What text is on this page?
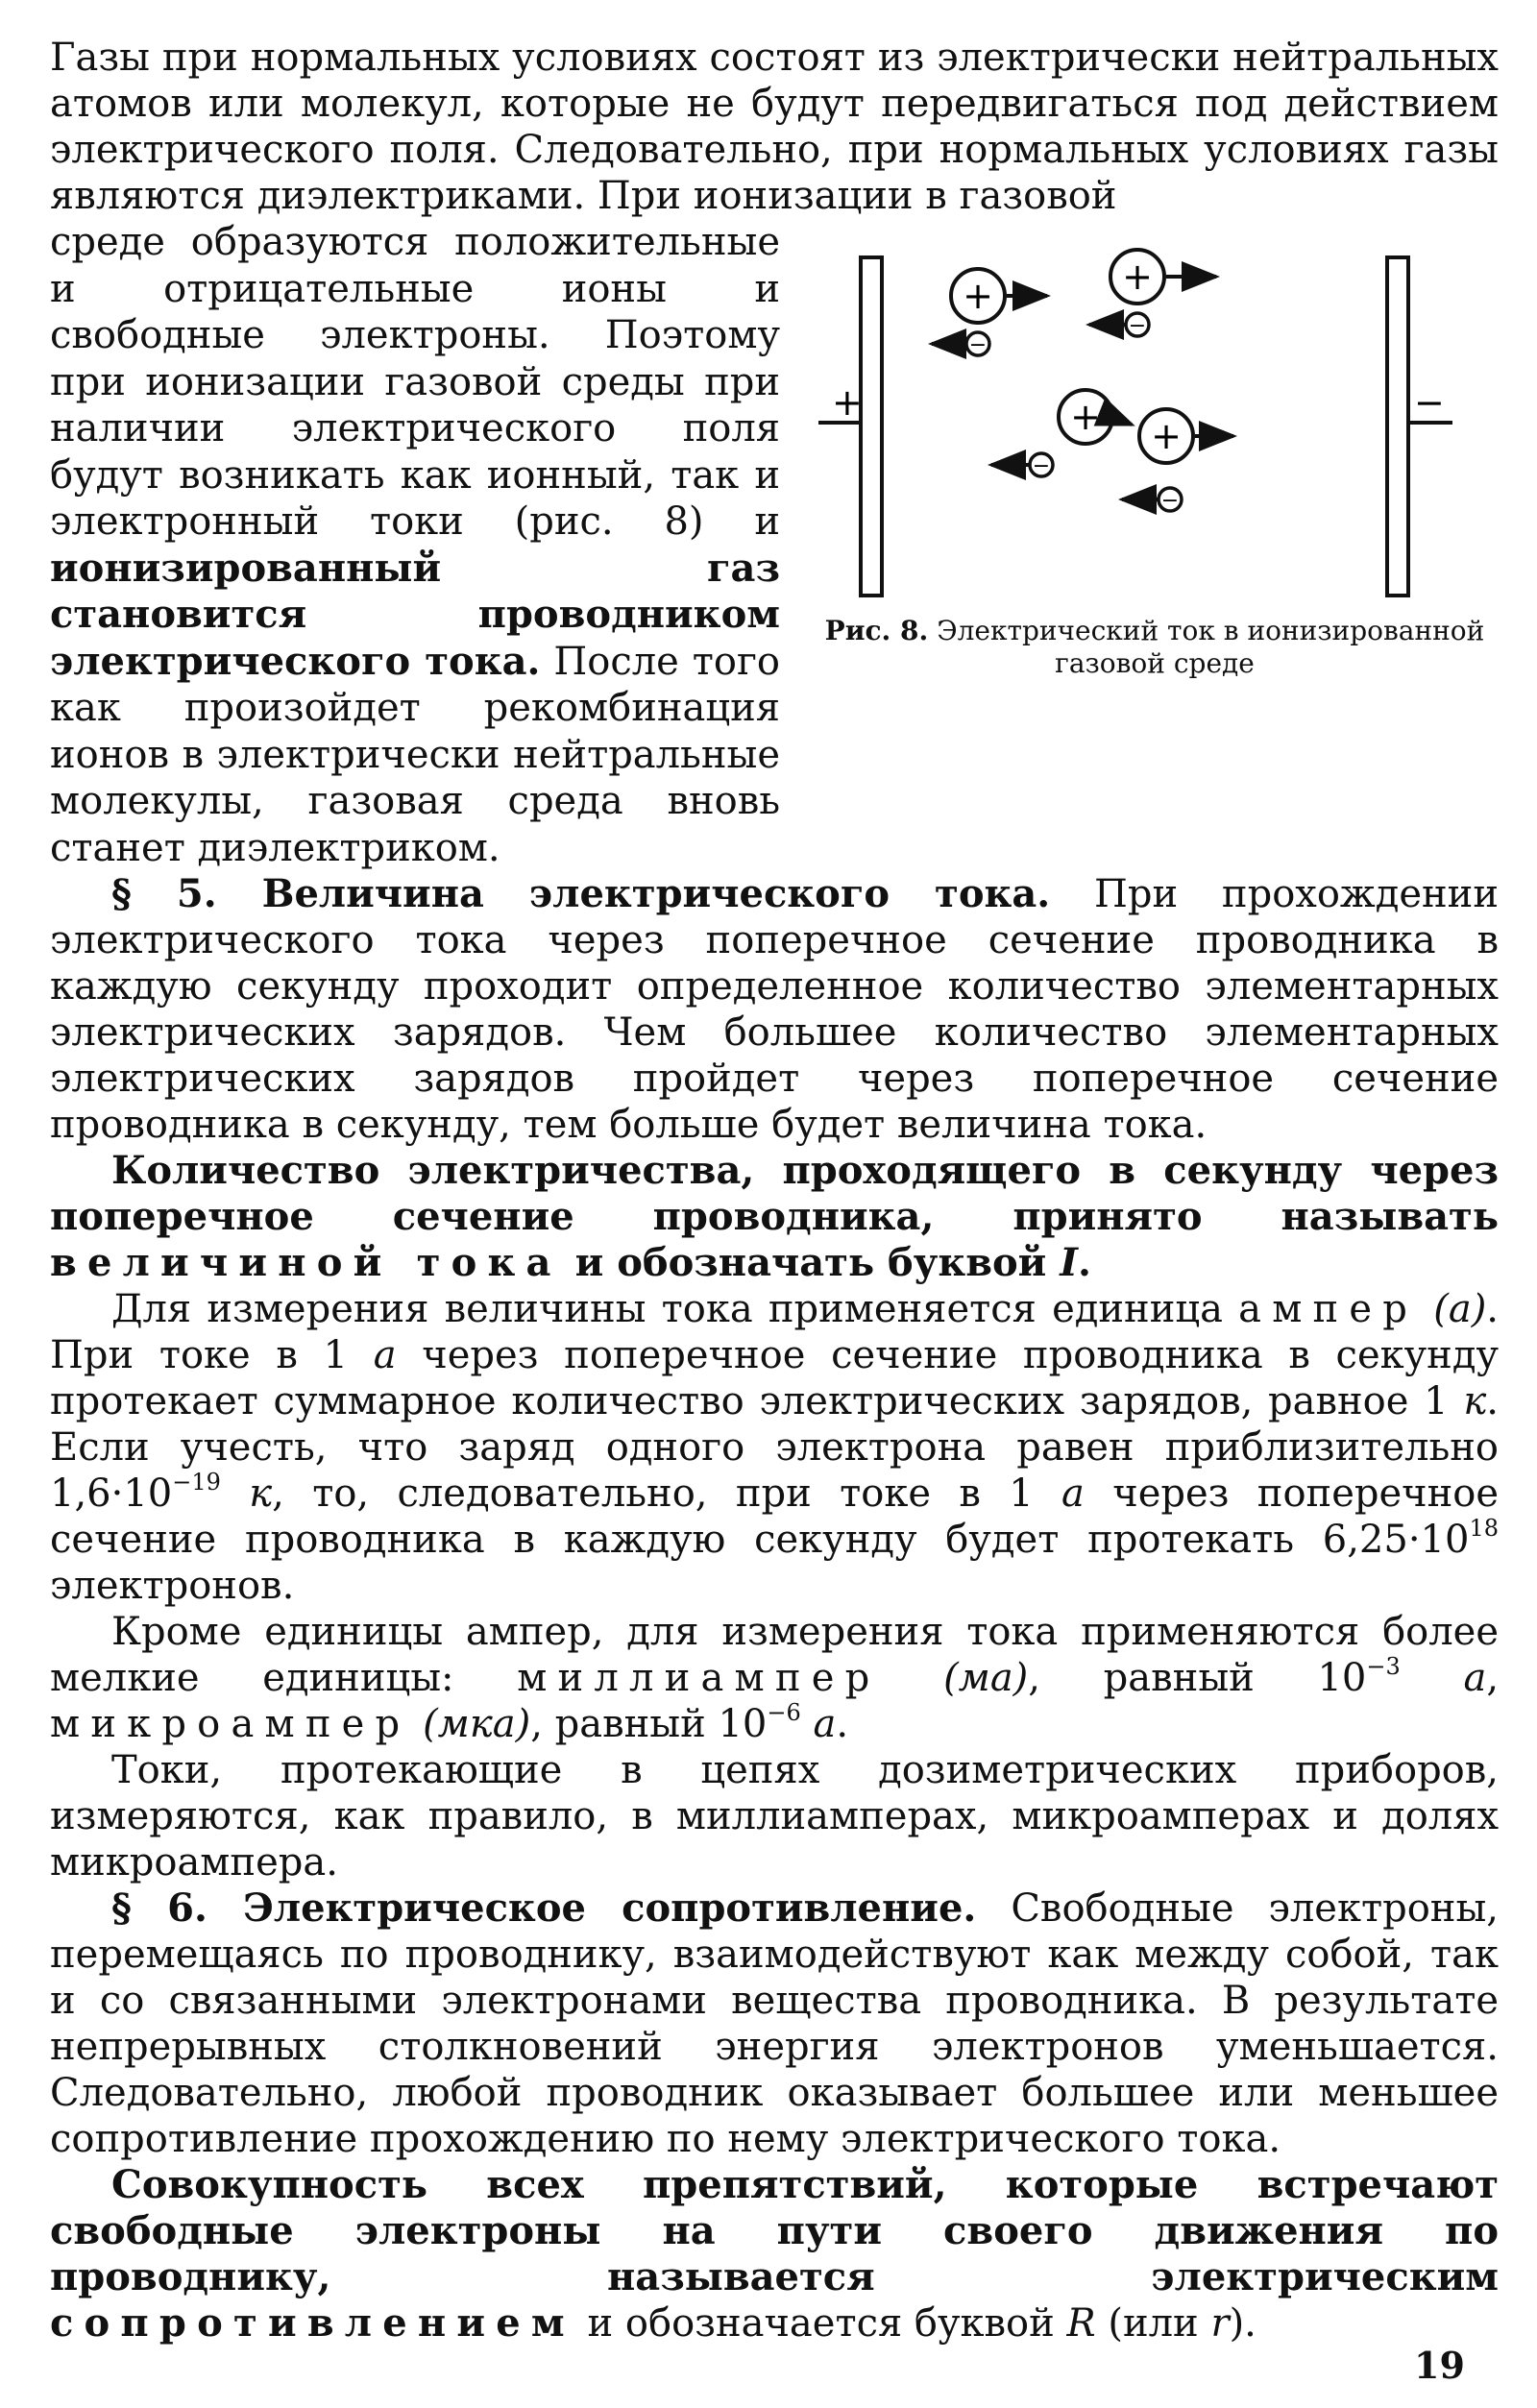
Газы при нормальных условиях состоят из электрически нейтральных атомов или молекул, которые не будут передвигаться под действием электрического поля. Следовательно, при нормальных условиях газы являются диэлектриками. При ионизации в газовой

среде образуются положительные и отрицательные ионы и свободные электроны. Поэтому при ионизации газовой среды при наличии электрического поля будут возникать как ионный, так и электронный токи (рис. 8) и ионизированный газ становится проводником электрического тока. После того как произойдет рекомбинация ионов в электрически нейтральные молекулы, газовая среда вновь станет диэлектриком.

+	−
+	+
+ +
−
−
−
−
Рис. 8. Электрический ток в ионизированной газовой среде

§ 5. Величина электрического тока. При прохождении электрического тока через поперечное сечение проводника в каждую секунду проходит определенное количество элементарных электрических зарядов. Чем большее количество элементарных электрических зарядов пройдет через поперечное сечение проводника в секунду, тем больше будет величина тока.

Количество электричества, проходящего в секунду через поперечное сечение проводника, принято называть величиной тока и обозначать буквой I.

Для измерения величины тока применяется единица ампер (а). При токе в 1 а через поперечное сечение проводника в секунду протекает суммарное количество электрических зарядов, равное 1 к. Если учесть, что заряд одного электрона равен приблизительно $1,6\cdot 10^{-19}$ к, то, следовательно, при токе в 1 а через поперечное сечение проводника в каждую секунду будет протекать $6,25\cdot 10^{18}$ электронов.

Кроме единицы ампер, для измерения тока применяются более мелкие единицы: миллиампер (ма), равный $10^{-3}$ а, микроампер (мка), равный $10^{-6}$ а.

Токи, протекающие в цепях дозиметрических приборов, измеряются, как правило, в миллиамперах, микроамперах и долях микроампера.

§ 6. Электрическое сопротивление. Свободные электроны, перемещаясь по проводнику, взаимодействуют как между собой, так и со связанными электронами вещества проводника. В результате непрерывных столкновений энергия электронов уменьшается. Следовательно, любой проводник оказывает большее или меньшее сопротивление прохождению по нему электрического тока.

Совокупность всех препятствий, которые встречают свободные электроны на пути своего движения по проводнику, называется электрическим сопротивлением и обозначается буквой R (или r).

19
